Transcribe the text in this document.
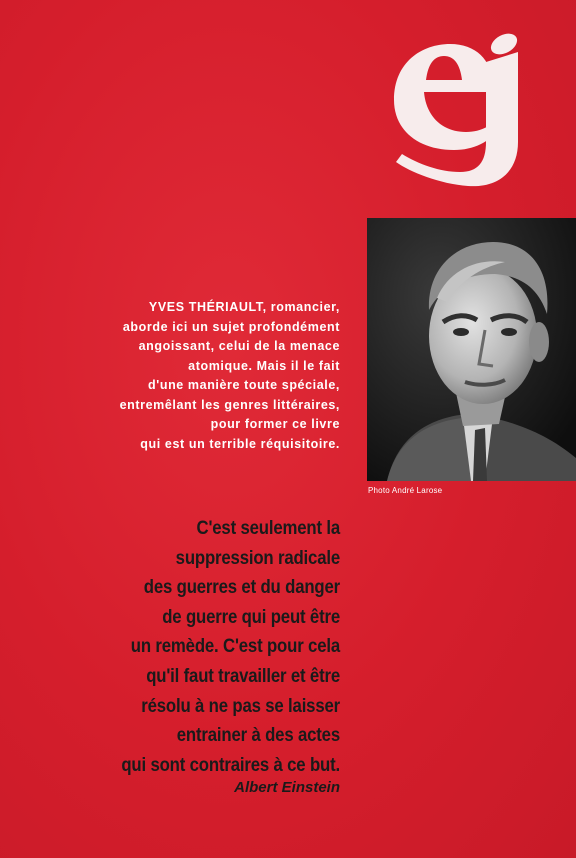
YVES THÉRIAULT, romancier,
aborde ici un sujet profondément
angoissant, celui de la menace
atomique. Mais il le fait
d'une manière toute spéciale,
entremêlant les genres littéraires,
pour former ce livre
qui est un terrible réquisitoire.
Photo André Larose
C'est seulement la
suppression radicale
des guerres et du danger
de guerre qui peut être
un remède. C'est pour cela
qu'il faut travailler et être
résolu à ne pas se laisser
entrainer à des actes
qui sont contraires à ce but.
Albert Einstein
